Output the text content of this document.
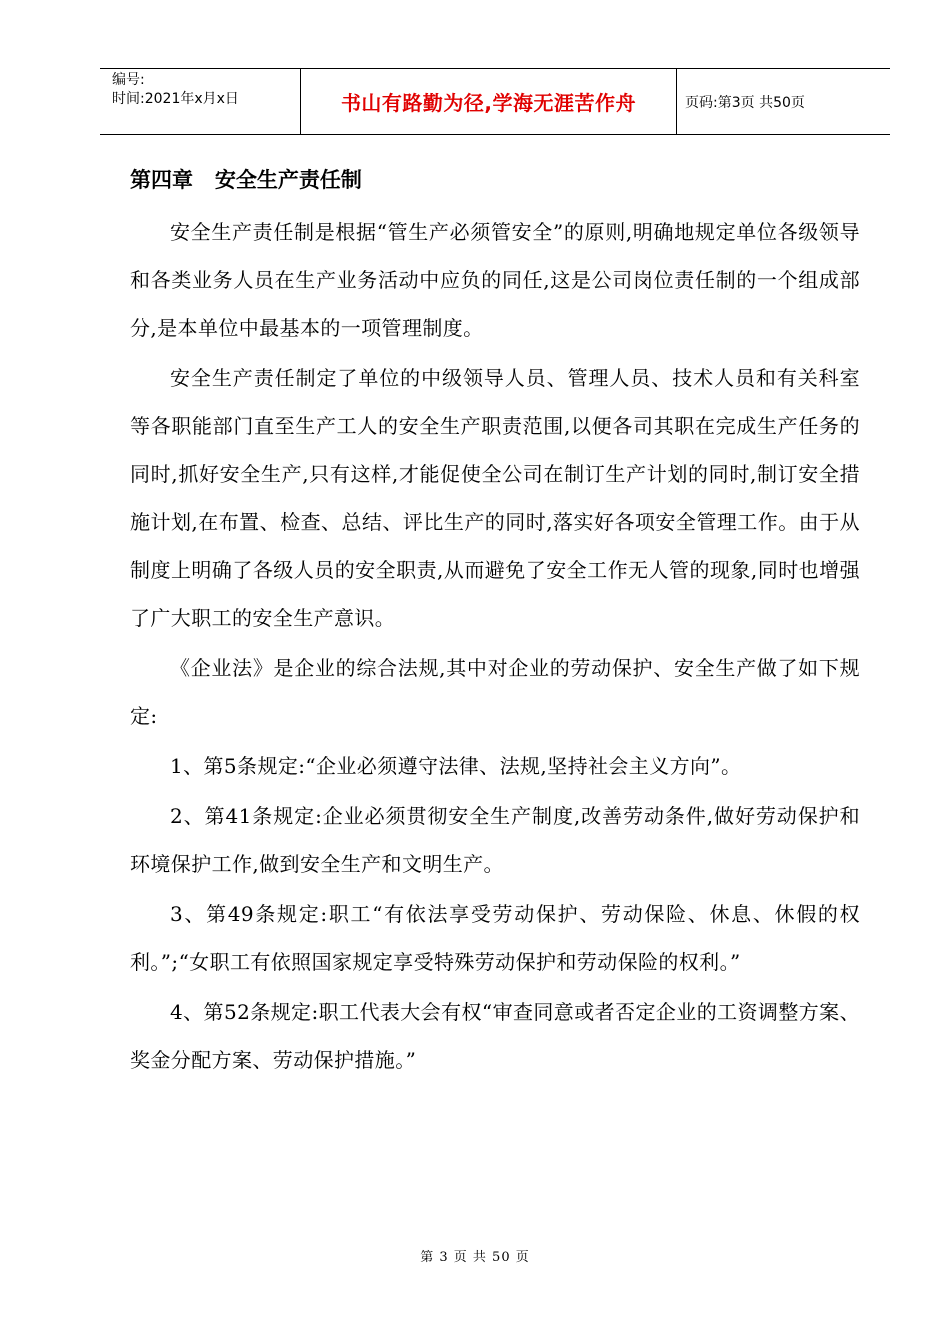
编号:
时间:2021年x月x日	书山有路勤为径,学海无涯苦作舟	页码:第3页 共50页
第四章   安全生产责任制

安全生产责任制是根据“管生产必须管安全”的原则,明确地规定单位各级领导和各类业务人员在生产业务活动中应负的同任,这是公司岗位责任制的一个组成部分,是本单位中最基本的一项管理制度。

安全生产责任制定了单位的中级领导人员、管理人员、技术人员和有关科室等各职能部门直至生产工人的安全生产职责范围,以便各司其职在完成生产任务的同时,抓好安全生产,只有这样,才能促使全公司在制订生产计划的同时,制订安全措施计划,在布置、检查、总结、评比生产的同时,落实好各项安全管理工作。由于从制度上明确了各级人员的安全职责,从而避免了安全工作无人管的现象,同时也增强了广大职工的安全生产意识。

《企业法》是企业的综合法规,其中对企业的劳动保护、安全生产做了如下规定:

1、第5条规定:“企业必须遵守法律、法规,坚持社会主义方向”。

2、第41条规定:企业必须贯彻安全生产制度,改善劳动条件,做好劳动保护和环境保护工作,做到安全生产和文明生产。

3、第49条规定:职工“有依法享受劳动保护、劳动保险、休息、休假的权利。”;“女职工有依照国家规定享受特殊劳动保护和劳动保险的权利。”

4、第52条规定:职工代表大会有权“审查同意或者否定企业的工资调整方案、奖金分配方案、劳动保护措施。”

第 3 页 共 50 页
